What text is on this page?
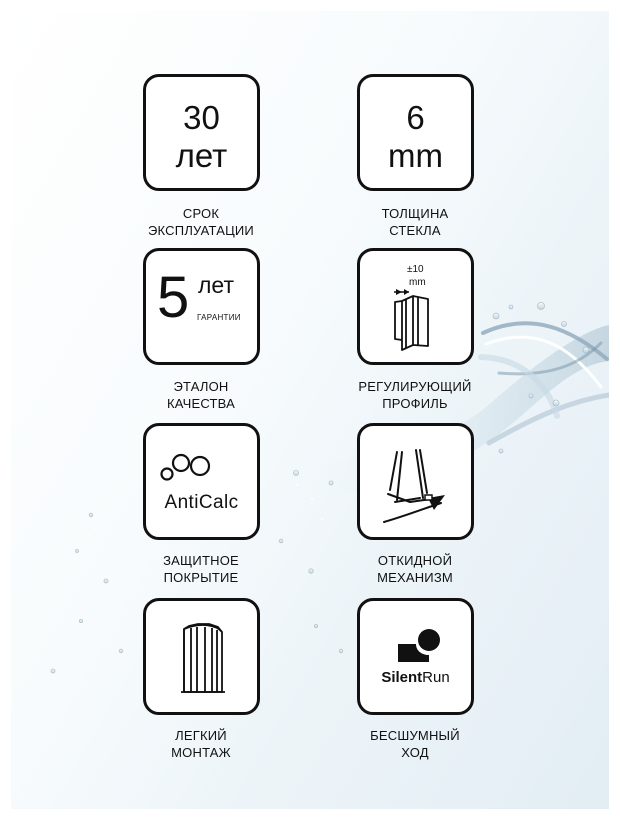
30
лет
СРОК
ЭКСПЛУАТАЦИИ
6
mm
ТОЛЩИНА
СТЕКЛА
5 лет
ГАРАНТИИ
ЭТАЛОН
КАЧЕСТВА
±10
mm
РЕГУЛИРУЮЩИЙ
ПРОФИЛЬ
AntiCalc
ЗАЩИТНОЕ
ПОКРЫТИЕ
ОТКИДНОЙ
МЕХАНИЗМ
ЛЕГКИЙ
МОНТАЖ
SilentRun
БЕСШУМНЫЙ
ХОД
